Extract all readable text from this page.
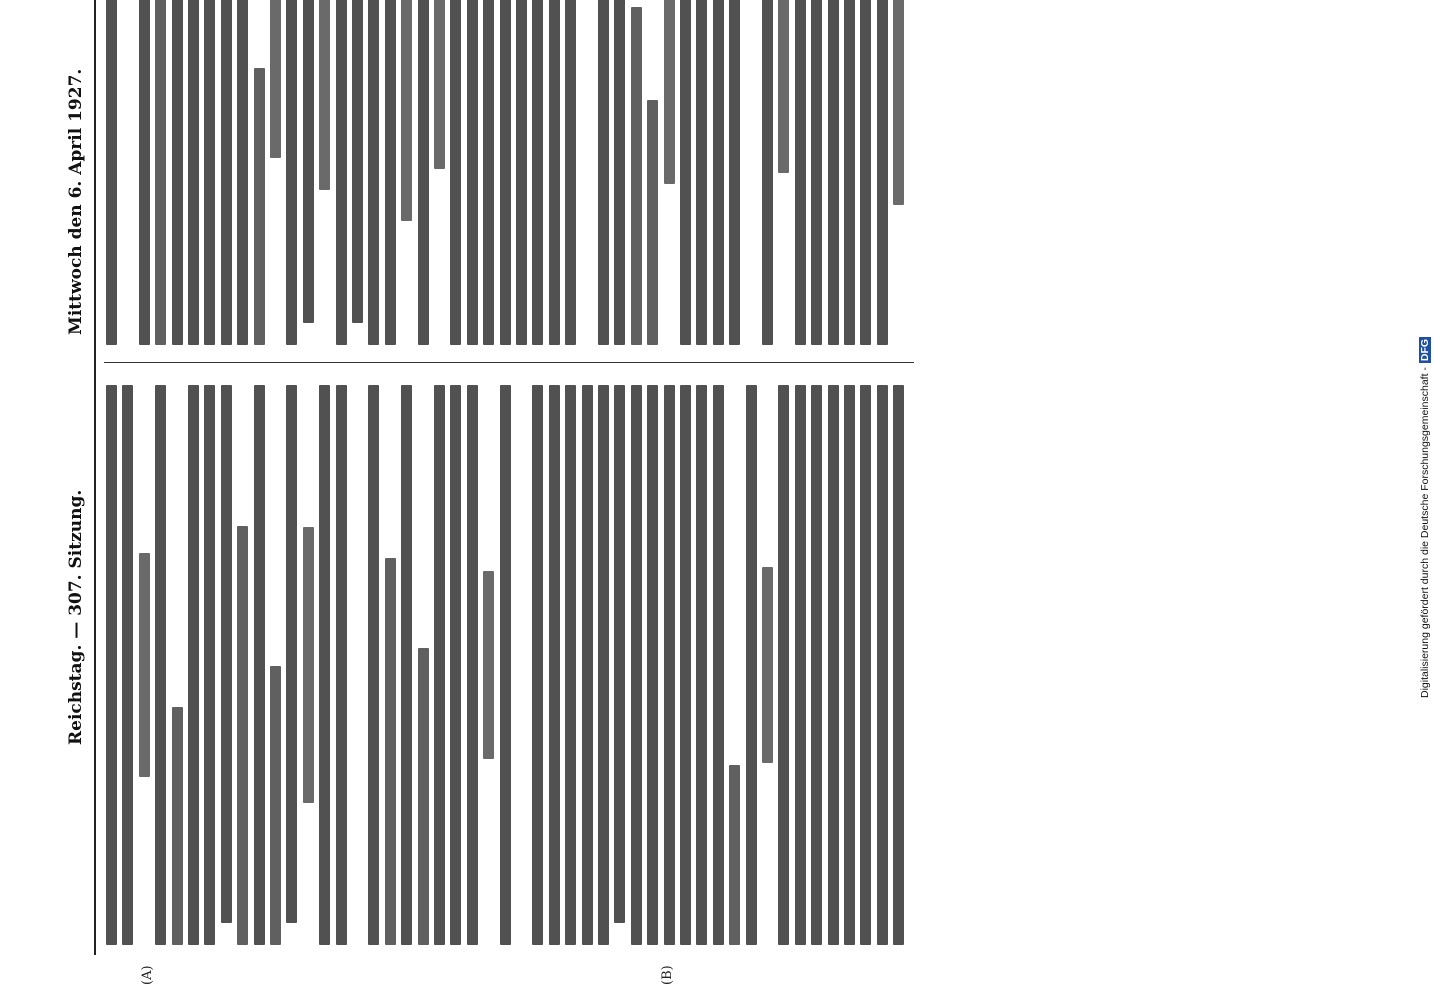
Reichstag. — 307. Sitzung.
Mittwoch den 6. April 1927.
(A)	(B)
Digitalisierung gefördert durch die Deutsche Forschungsgemeinschaft -DFG
